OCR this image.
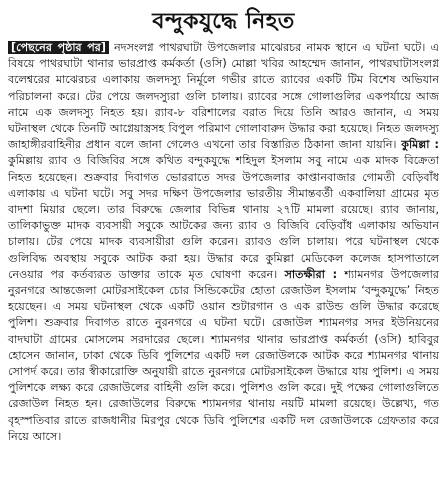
বন্দুকযুদ্ধে নিহত
[পেছনের পৃষ্ঠার পর] নদসংলগ্ন পাথরঘাটা উপজেলার মাঝেরচর নামক স্থানে এ ঘটনা ঘটে। এ বিষয়ে পাথরঘাটা থানার ভারপ্রাপ্ত কর্মকর্তা (ওসি) মোল্লা খবির আহম্মেদ জানান, পাথরঘাটাসংলগ্ন বলেশ্বরের মাঝেরচর এলাকায় জলদস্যু নির্মূলে গভীর রাতে র‌্যাবের একটি টিম বিশেষ অভিযান পরিচালনা করে। টের পেয়ে জলদস্যুরা গুলি চালায়। র‌্যাবের সঙ্গে গোলাগুলির একপর্যায়ে আজ নামে এক জলদস্যু নিহত হয়। র‌্যাব-৮ বরিশালের বরাত দিয়ে তিনি আরও জানান, এ সময় ঘটনাস্থল থেকে তিনটি আগ্নেয়াস্ত্রসহ বিপুল পরিমাণ গোলাবারুদ উদ্ধার করা হয়েছে। নিহত জলদস্যু জাহাঙ্গীরবাহিনীর প্রধান বলে জানা গেলেও এখনো তার বিস্তারিত ঠিকানা জানা যায়নি। কুমিল্লা : কুমিল্লায় র‌্যাব ও বিজিবির সঙ্গে কথিত বন্দুকযুদ্ধে শহিদুল ইসলাম সবু নামে এক মাদক বিক্রেতা নিহত হয়েছেন। শুক্রবার দিবাগত ভোররাতে সদর উপজেলার কাপ্তানবাজার গোমতী বেড়িবাঁধ এলাকায় এ ঘটনা ঘটে। সবু সদর দক্ষিণ উপজেলার ভারতীয় সীমান্তবর্তী একবালিয়া গ্রামের মৃত বাদশা মিয়ার ছেলে। তার বিরুদ্ধে জেলার বিভিন্ন থানায় ২৭টি মামলা রয়েছে। র‌্যাব জানায়, তালিকাভুক্ত মাদক ব্যবসায়ী সবুকে আটকের জন্য র‌্যাব ও বিজিবি বেড়িবাঁধ এলাকায় অভিযান চালায়। টের পেয়ে মাদক ব্যবসায়ীরা গুলি করেন। র‌্যাবও গুলি চালায়। পরে ঘটনাস্থল থেকে গুলিবিদ্ধ অবস্থায় সবুকে আটক করা হয়। উদ্ধার করে কুমিল্লা মেডিকেল কলেজ হাসপাতালে নেওয়ার পর কর্তব্যরত ডাক্তার তাকে মৃত ঘোষণা করেন। সাতক্ষীরা : শ্যামনগর উপজেলার নুরনগরে আন্তজেলা মোটরসাইকেল চোর সিন্ডিকেটের হোতা রেজাউল ইসলাম ‘বন্দুকযুদ্ধে’ নিহত হয়েছেন। এ সময় ঘটনাস্থল থেকে একটি ওয়ান শুটারগান ও এক রাউন্ড গুলি উদ্ধার করেছে পুলিশ। শুক্রবার দিবাগত রাতে নুরনগরে এ ঘটনা ঘটে। রেজাউল শ্যামনগর সদর ইউনিয়নের বাদঘাটা গ্রামের মোসলেম সরদারের ছেলে। শ্যামনগর থানার ভারপ্রাপ্ত কর্মকর্তা (ওসি) হাবিবুর হোসেন জানান, ঢাকা থেকে ডিবি পুলিশের একটি দল রেজাউলকে আটক করে শ্যামনগর থানায় সোপর্দ করে। তার স্বীকারোক্তি অনুযায়ী রাতে নুরনগরে মোটরসাইকেল উদ্ধারে যায় পুলিশ। এ সময় পুলিশকে লক্ষ্য করে রেজাউলের বাহিনী গুলি করে। পুলিশও গুলি করে। দুই পক্ষের গোলাগুলিতে রেজাউল নিহত হন। রেজাউলের বিরুদ্ধে শ্যামনগর থানায় নয়টি মামলা রয়েছে। উল্লেখ্য, গত বৃহস্পতিবার রাতে রাজধানীর মিরপুর থেকে ডিবি পুলিশের একটি দল রেজাউলকে গ্রেফতার করে নিয়ে আসে।
